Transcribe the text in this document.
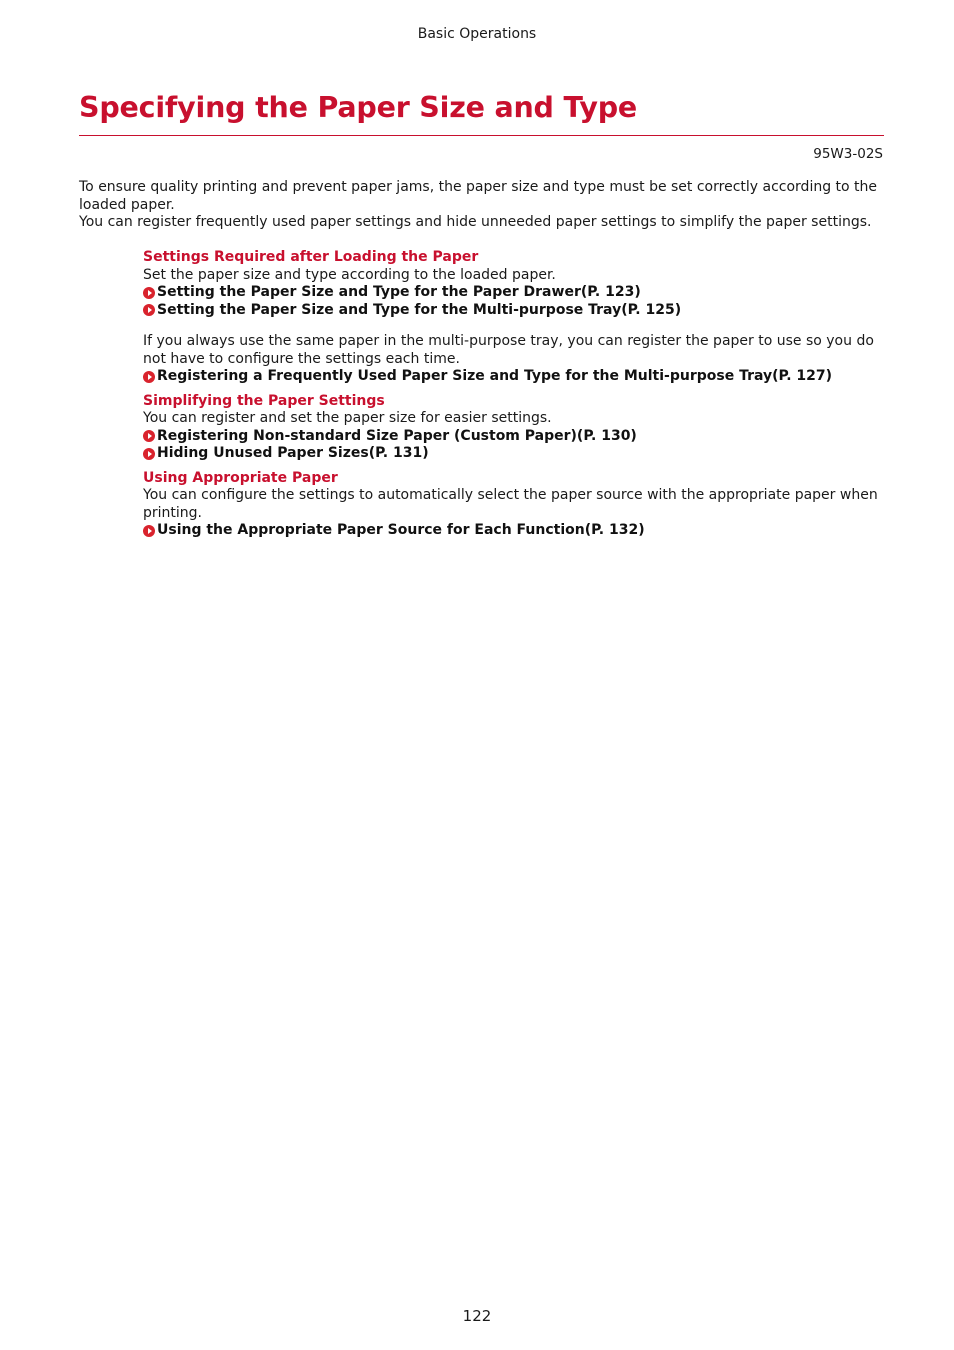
Basic Operations
Specifying the Paper Size and Type
95W3-02S

To ensure quality printing and prevent paper jams, the paper size and type must be set correctly according to the loaded paper.

You can register frequently used paper settings and hide unneeded paper settings to simplify the paper settings.

Settings Required after Loading the Paper

Set the paper size and type according to the loaded paper.

Setting the Paper Size and Type for the Paper Drawer(P. 123)
Setting the Paper Size and Type for the Multi-purpose Tray(P. 125)

If you always use the same paper in the multi-purpose tray, you can register the paper to use so you do not have to configure the settings each time.

Registering a Frequently Used Paper Size and Type for the Multi-purpose Tray(P. 127)

Simplifying the Paper Settings

You can register and set the paper size for easier settings.

Registering Non-standard Size Paper (Custom Paper)(P. 130)
Hiding Unused Paper Sizes(P. 131)

Using Appropriate Paper

You can configure the settings to automatically select the paper source with the appropriate paper when printing.

Using the Appropriate Paper Source for Each Function(P. 132)
122
